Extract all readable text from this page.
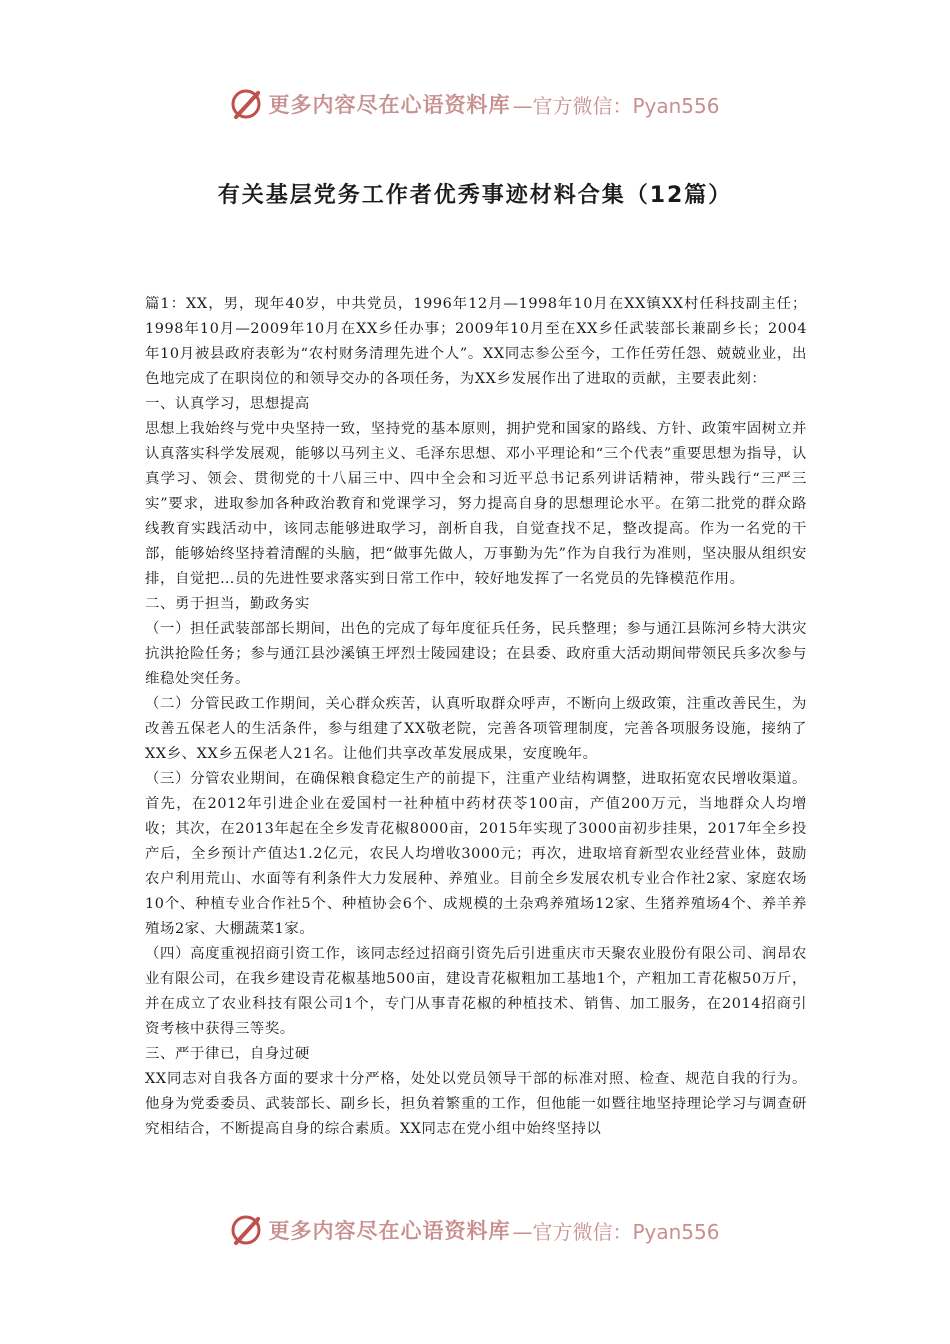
更多内容尽在心语资料库 —官方微信：Pyan556
有关基层党务工作者优秀事迹材料合集（12篇）

篇1：XX，男，现年40岁，中共党员，1996年12月—1998年10月在XX镇XX村任科技副主任；1998年10月—2009年10月在XX乡任办事；2009年10月至在XX乡任武装部长兼副乡长；2004年10月被县政府表彰为“农村财务清理先进个人”。XX同志参公至今，工作任劳任怨、兢兢业业，出色地完成了在职岗位的和领导交办的各项任务，为XX乡发展作出了进取的贡献，主要表此刻：

一、认真学习，思想提高

思想上我始终与党中央坚持一致，坚持党的基本原则，拥护党和国家的路线、方针、政策牢固树立并认真落实科学发展观，能够以马列主义、毛泽东思想、邓小平理论和“三个代表”重要思想为指导，认真学习、领会、贯彻党的十八届三中、四中全会和习近平总书记系列讲话精神，带头践行“三严三实”要求，进取参加各种政治教育和党课学习，努力提高自身的思想理论水平。在第二批党的群众路线教育实践活动中，该同志能够进取学习，剖析自我，自觉查找不足，整改提高。作为一名党的干部，能够始终坚持着清醒的头脑，把“做事先做人，万事勤为先”作为自我行为准则，坚决服从组织安排，自觉把…员的先进性要求落实到日常工作中，较好地发挥了一名党员的先锋模范作用。

二、勇于担当，勤政务实

（一）担任武装部部长期间，出色的完成了每年度征兵任务，民兵整理；参与通江县陈河乡特大洪灾抗洪抢险任务；参与通江县沙溪镇王坪烈士陵园建设；在县委、政府重大活动期间带领民兵多次参与维稳处突任务。

（二）分管民政工作期间，关心群众疾苦，认真听取群众呼声，不断向上级政策，注重改善民生，为改善五保老人的生活条件，参与组建了XX敬老院，完善各项管理制度，完善各项服务设施，接纳了XX乡、XX乡五保老人21名。让他们共享改革发展成果，安度晚年。

（三）分管农业期间，在确保粮食稳定生产的前提下，注重产业结构调整，进取拓宽农民增收渠道。首先，在2012年引进企业在爱国村一社种植中药材茯苓100亩，产值200万元，当地群众人均增收；其次，在2013年起在全乡发青花椒8000亩，2015年实现了3000亩初步挂果，2017年全乡投产后，全乡预计产值达1.2亿元，农民人均增收3000元；再次，进取培育新型农业经营业体，鼓励农户利用荒山、水面等有利条件大力发展种、养殖业。目前全乡发展农机专业合作社2家、家庭农场10个、种植专业合作社5个、种植协会6个、成规模的土杂鸡养殖场12家、生猪养殖场4个、养羊养殖场2家、大棚蔬菜1家。

（四）高度重视招商引资工作，该同志经过招商引资先后引进重庆市天聚农业股份有限公司、润昂农业有限公司，在我乡建设青花椒基地500亩，建设青花椒粗加工基地1个，产粗加工青花椒50万斤，并在成立了农业科技有限公司1个，专门从事青花椒的种植技术、销售、加工服务，在2014招商引资考核中获得三等奖。

三、严于律已，自身过硬

XX同志对自我各方面的要求十分严格，处处以党员领导干部的标准对照、检查、规范自我的行为。他身为党委委员、武装部长、副乡长，担负着繁重的工作，但他能一如暨往地坚持理论学习与调查研究相结合，不断提高自身的综合素质。XX同志在党小组中始终坚持以

更多内容尽在心语资料库 —官方微信：Pyan556
